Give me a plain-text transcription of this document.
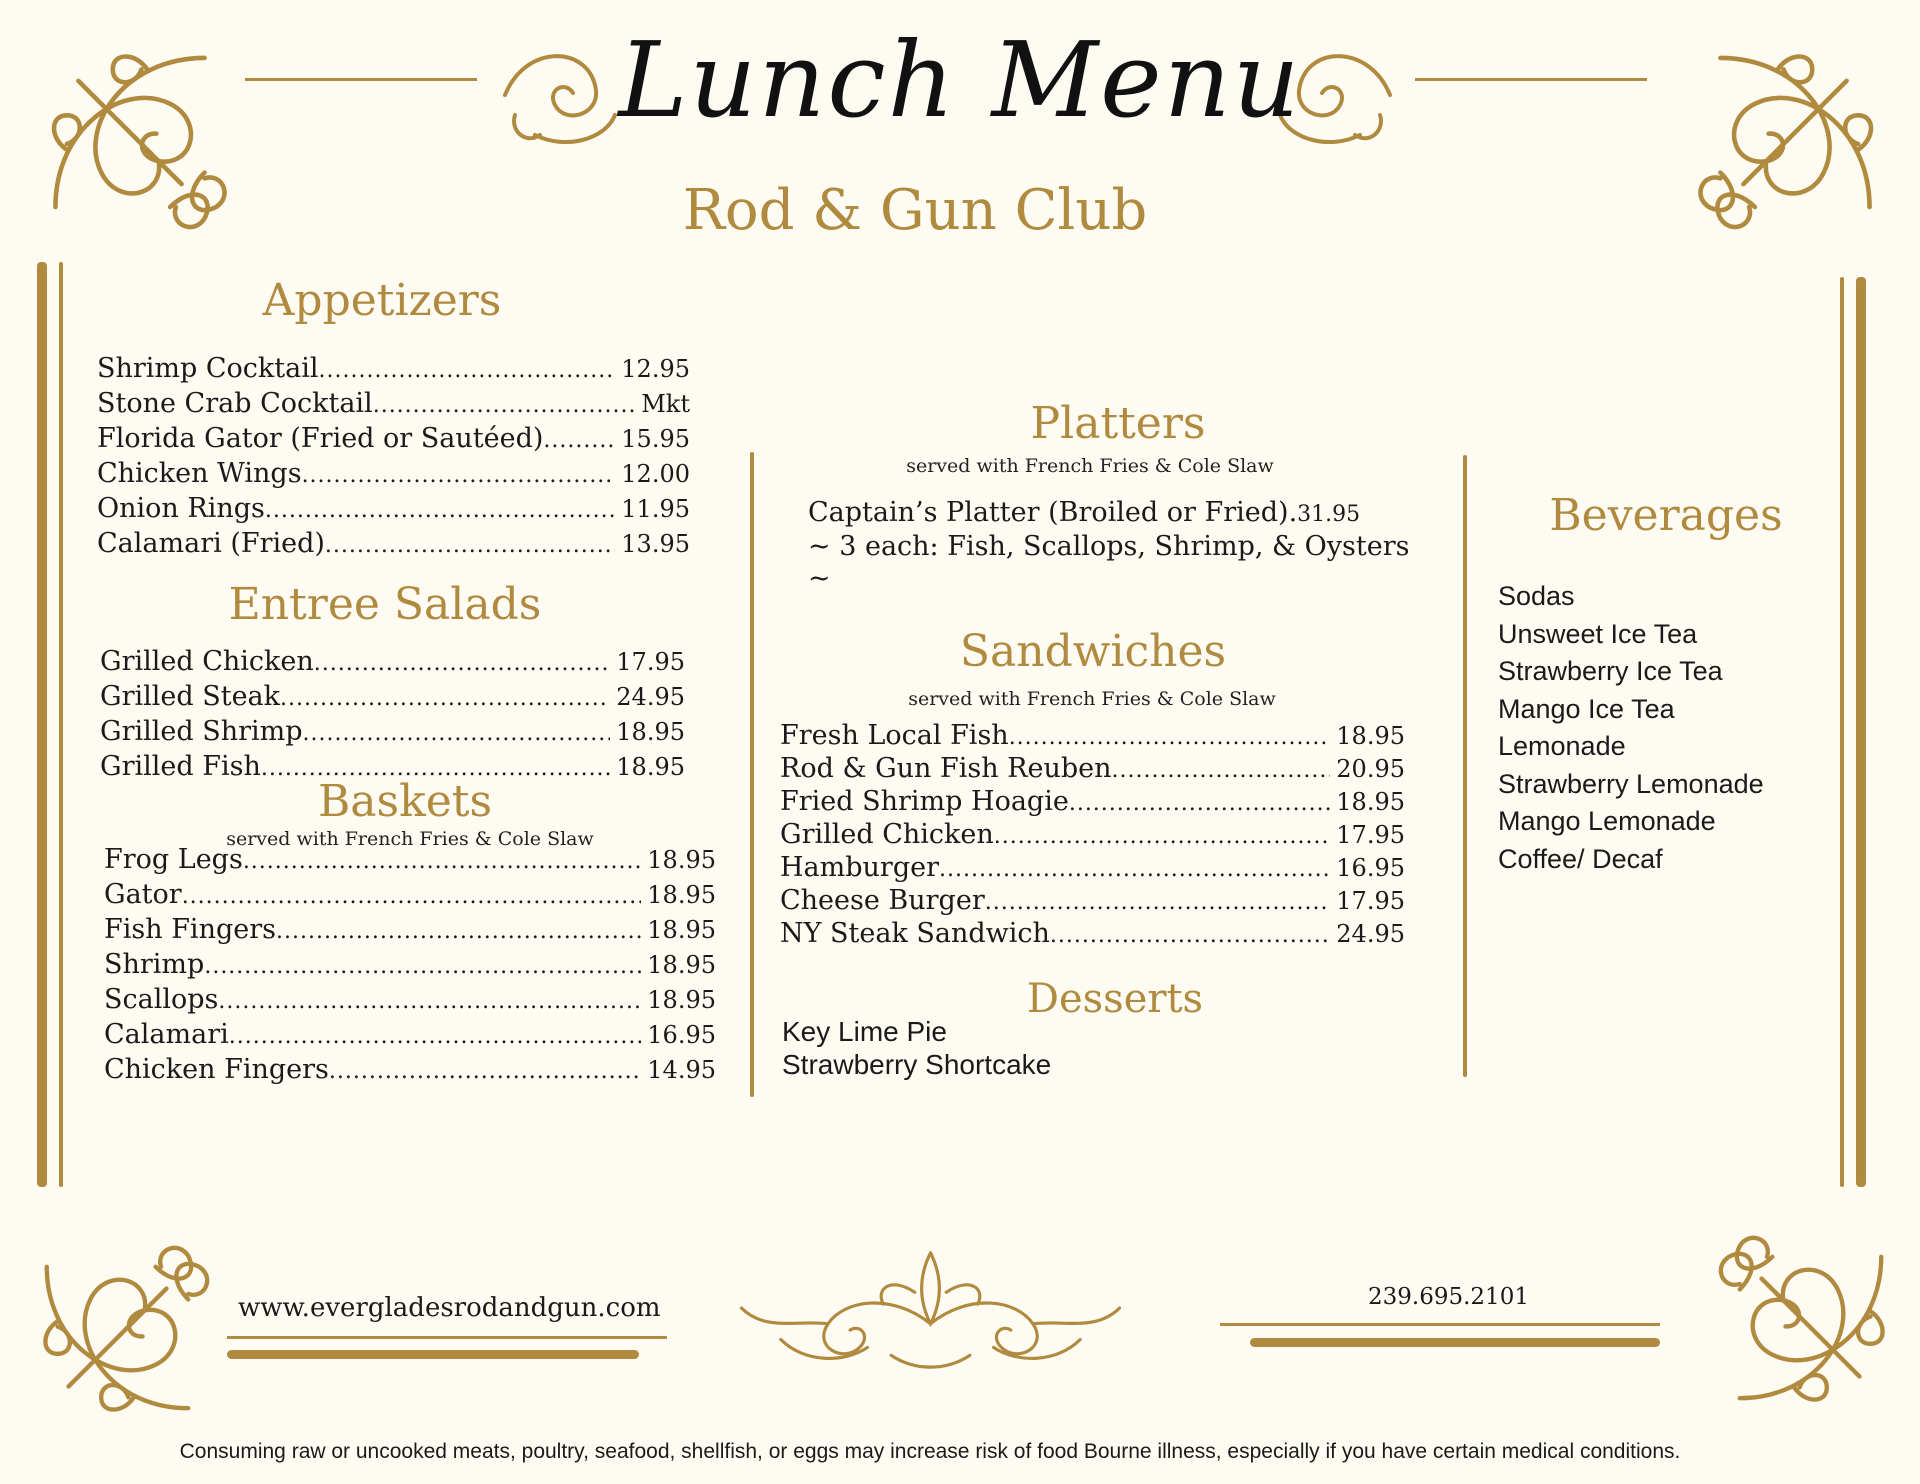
Lunch Menu
Rod & Gun Club
Appetizers
Shrimp Cocktail .....	12.95
Stone Crab Cocktail .....	Mkt
Florida Gator (Fried or Sautéed) .....	15.95
Chicken Wings .....	12.00
Onion Rings .....	11.95
Calamari (Fried) .....	13.95
Entree Salads
Grilled Chicken .....	17.95
Grilled Steak .....	24.95
Grilled Shrimp .....	18.95
Grilled Fish .....	18.95
Baskets
served with French Fries & Cole Slaw
Frog Legs .....	18.95
Gator .....	18.95
Fish Fingers .....	18.95
Shrimp .....	18.95
Scallops .....	18.95
Calamari .....	16.95
Chicken Fingers .....	14.95
Platters
served with French Fries & Cole Slaw
Captain’s Platter (Broiled or Fried).31.95
~ 3 each: Fish, Scallops, Shrimp, & Oysters
~
Sandwiches
served with French Fries & Cole Slaw
Fresh Local Fish .....	18.95
Rod & Gun Fish Reuben .....	20.95
Fried Shrimp Hoagie .....	18.95
Grilled Chicken .....	17.95
Hamburger .....	16.95
Cheese Burger .....	17.95
NY Steak Sandwich .....	24.95
Desserts
Key Lime Pie
Strawberry Shortcake
Beverages
Sodas
Unsweet Ice Tea
Strawberry Ice Tea
Mango Ice Tea
Lemonade
Strawberry Lemonade
Mango Lemonade
Coffee/ Decaf
www.evergladesrodandgun.com	239.695.2101
Consuming raw or uncooked meats, poultry, seafood, shellfish, or eggs may increase risk of food Bourne illness, especially if you have certain medical conditions.
